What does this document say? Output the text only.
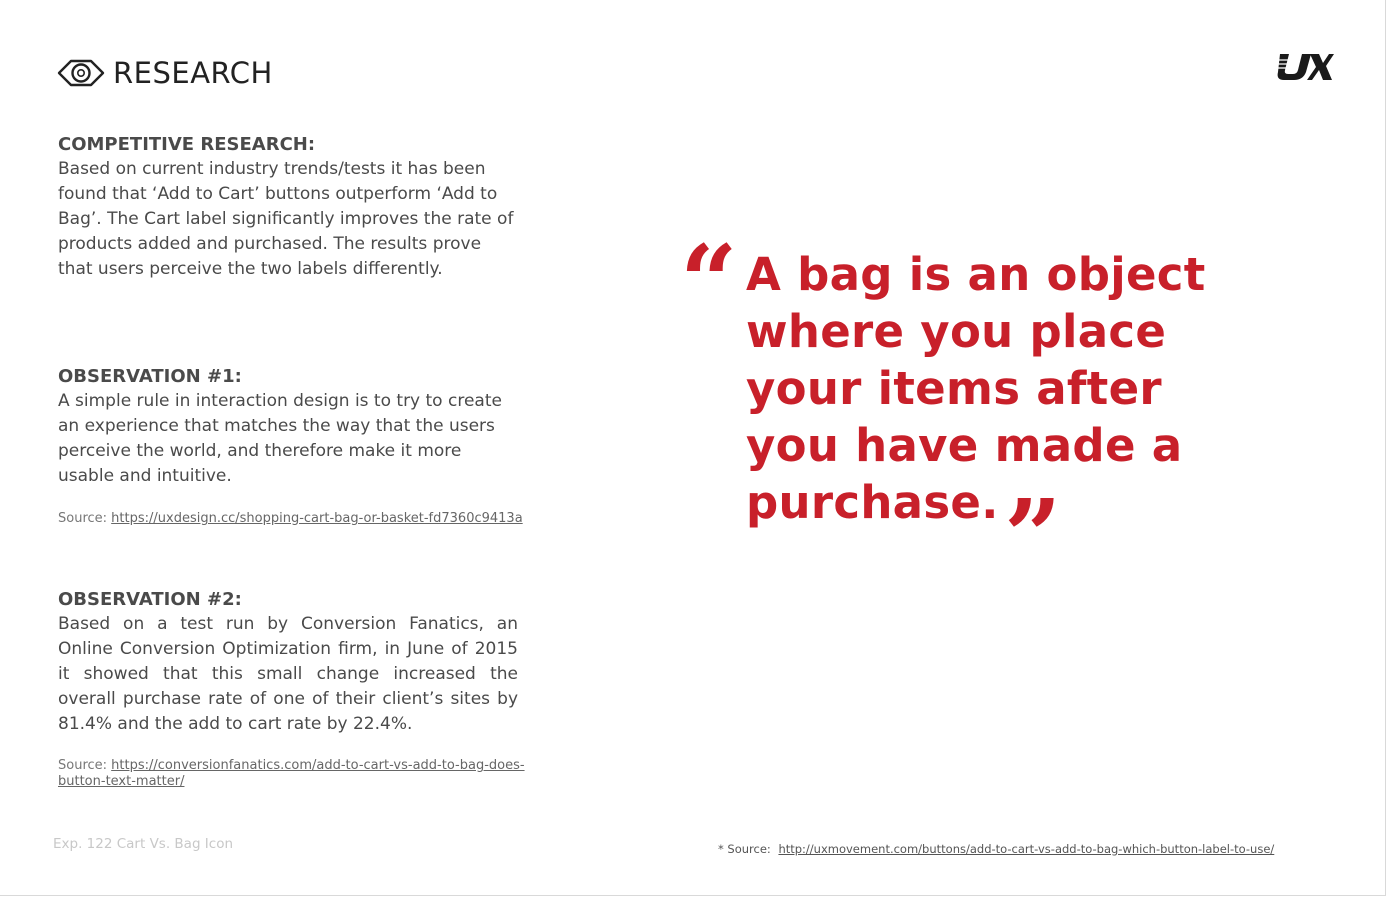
RESEARCH
COMPETITIVE RESEARCH:
Based on current industry trends/tests it has been found that ‘Add to Cart’ buttons outperform ‘Add to Bag’. The Cart label significantly improves the rate of products added and purchased. The results prove that users perceive the two labels differently.
OBSERVATION #1:
A simple rule in interaction design is to try to create an experience that matches the way that the users perceive the world, and therefore make it more usable and intuitive.
Source: https://uxdesign.cc/shopping-cart-bag-or-basket-fd7360c9413a
OBSERVATION #2:
Based on a test run by Conversion Fanatics, an Online Conversion Optimization firm, in June of 2015 it showed that this small change increased the overall purchase rate of one of their client’s sites by 81.4% and the add to cart rate by 22.4%.
Source: https://conversionfanatics.com/add-to-cart-vs-add-to-bag-does-button-text-matter/
Exp. 122 Cart Vs. Bag Icon
“ A bag is an object where you place your items after you have made a purchase. ”
* Source: http://uxmovement.com/buttons/add-to-cart-vs-add-to-bag-which-button-label-to-use/
